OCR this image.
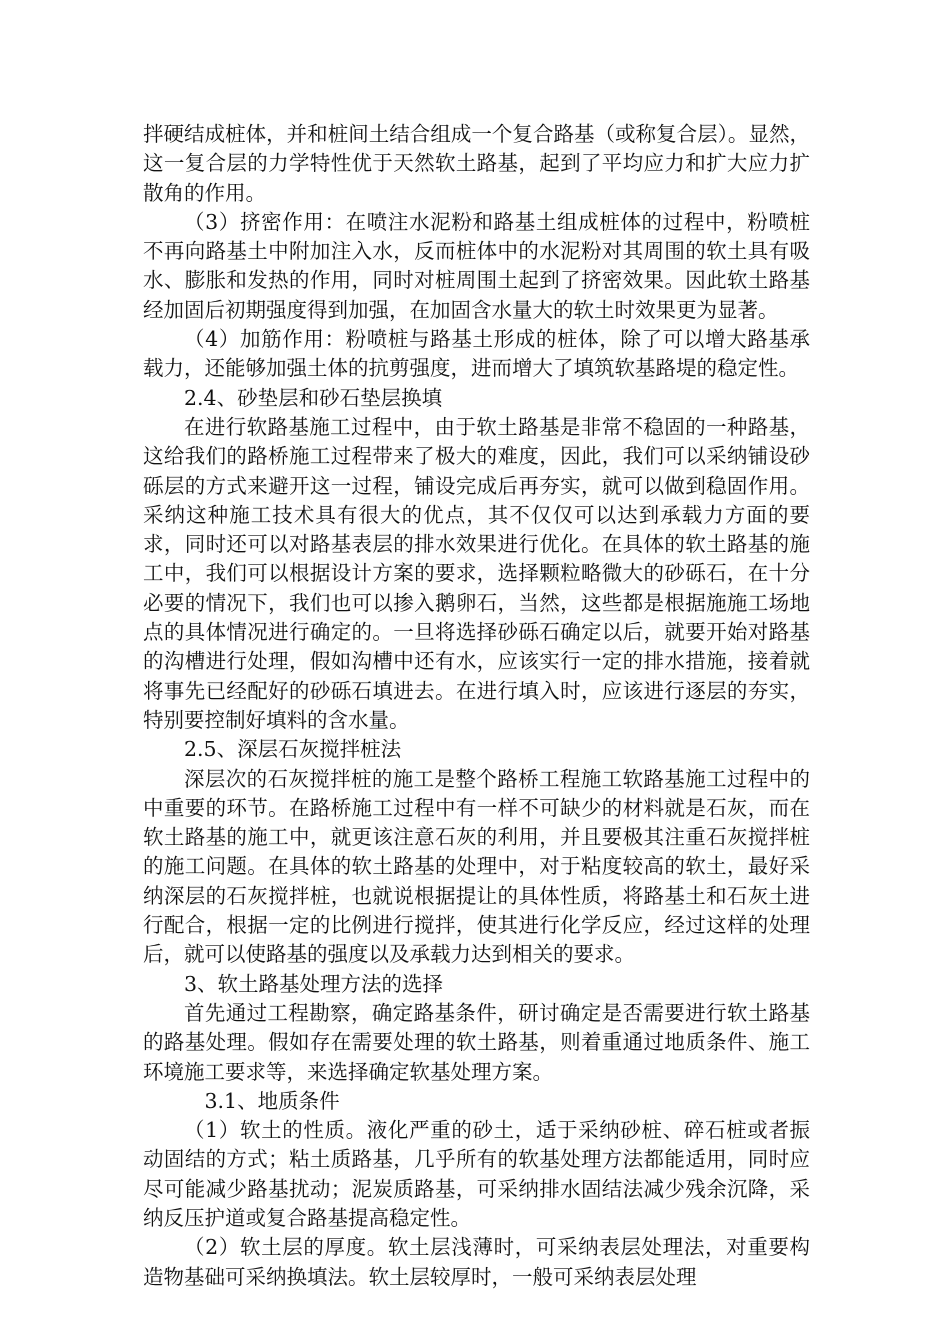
拌硬结成桩体，并和桩间土结合组成一个复合路基（或称复合层）。显然，这一复合层的力学特性优于天然软土路基，起到了平均应力和扩大应力扩散角的作用。

（3）挤密作用：在喷注水泥粉和路基土组成桩体的过程中，粉喷桩不再向路基土中附加注入水，反而桩体中的水泥粉对其周围的软土具有吸水、膨胀和发热的作用，同时对桩周围土起到了挤密效果。因此软土路基经加固后初期强度得到加强，在加固含水量大的软土时效果更为显著。

（4）加筋作用：粉喷桩与路基土形成的桩体，除了可以增大路基承载力，还能够加强土体的抗剪强度，进而增大了填筑软基路堤的稳定性。

2.4、砂垫层和砂石垫层换填

在进行软路基施工过程中，由于软土路基是非常不稳固的一种路基，这给我们的路桥施工过程带来了极大的难度，因此，我们可以采纳铺设砂砾层的方式来避开这一过程，铺设完成后再夯实，就可以做到稳固作用。采纳这种施工技术具有很大的优点，其不仅仅可以达到承载力方面的要求，同时还可以对路基表层的排水效果进行优化。在具体的软土路基的施工中，我们可以根据设计方案的要求，选择颗粒略微大的砂砾石，在十分必要的情况下，我们也可以掺入鹅卵石，当然，这些都是根据施施工场地点的具体情况进行确定的。一旦将选择砂砾石确定以后，就要开始对路基的沟槽进行处理，假如沟槽中还有水，应该实行一定的排水措施，接着就将事先已经配好的砂砾石填进去。在进行填入时，应该进行逐层的夯实，特别要控制好填料的含水量。

2.5、深层石灰搅拌桩法

深层次的石灰搅拌桩的施工是整个路桥工程施工软路基施工过程中的中重要的环节。在路桥施工过程中有一样不可缺少的材料就是石灰，而在软土路基的施工中，就更该注意石灰的利用，并且要极其注重石灰搅拌桩的施工问题。在具体的软土路基的处理中，对于粘度较高的软土，最好采纳深层的石灰搅拌桩，也就说根据提让的具体性质，将路基土和石灰土进行配合，根据一定的比例进行搅拌，使其进行化学反应，经过这样的处理后，就可以使路基的强度以及承载力达到相关的要求。

3、软土路基处理方法的选择

首先通过工程勘察，确定路基条件，研讨确定是否需要进行软土路基的路基处理。假如存在需要处理的软土路基，则着重通过地质条件、施工环境施工要求等，来选择确定软基处理方案。

3.1、地质条件

（1）软土的性质。液化严重的砂土，适于采纳砂桩、碎石桩或者振动固结的方式；粘土质路基，几乎所有的软基处理方法都能适用，同时应尽可能减少路基扰动；泥炭质路基，可采纳排水固结法减少残余沉降，采纳反压护道或复合路基提高稳定性。

（2）软土层的厚度。软土层浅薄时，可采纳表层处理法，对重要构造物基础可采纳换填法。软土层较厚时，一般可采纳表层处理
